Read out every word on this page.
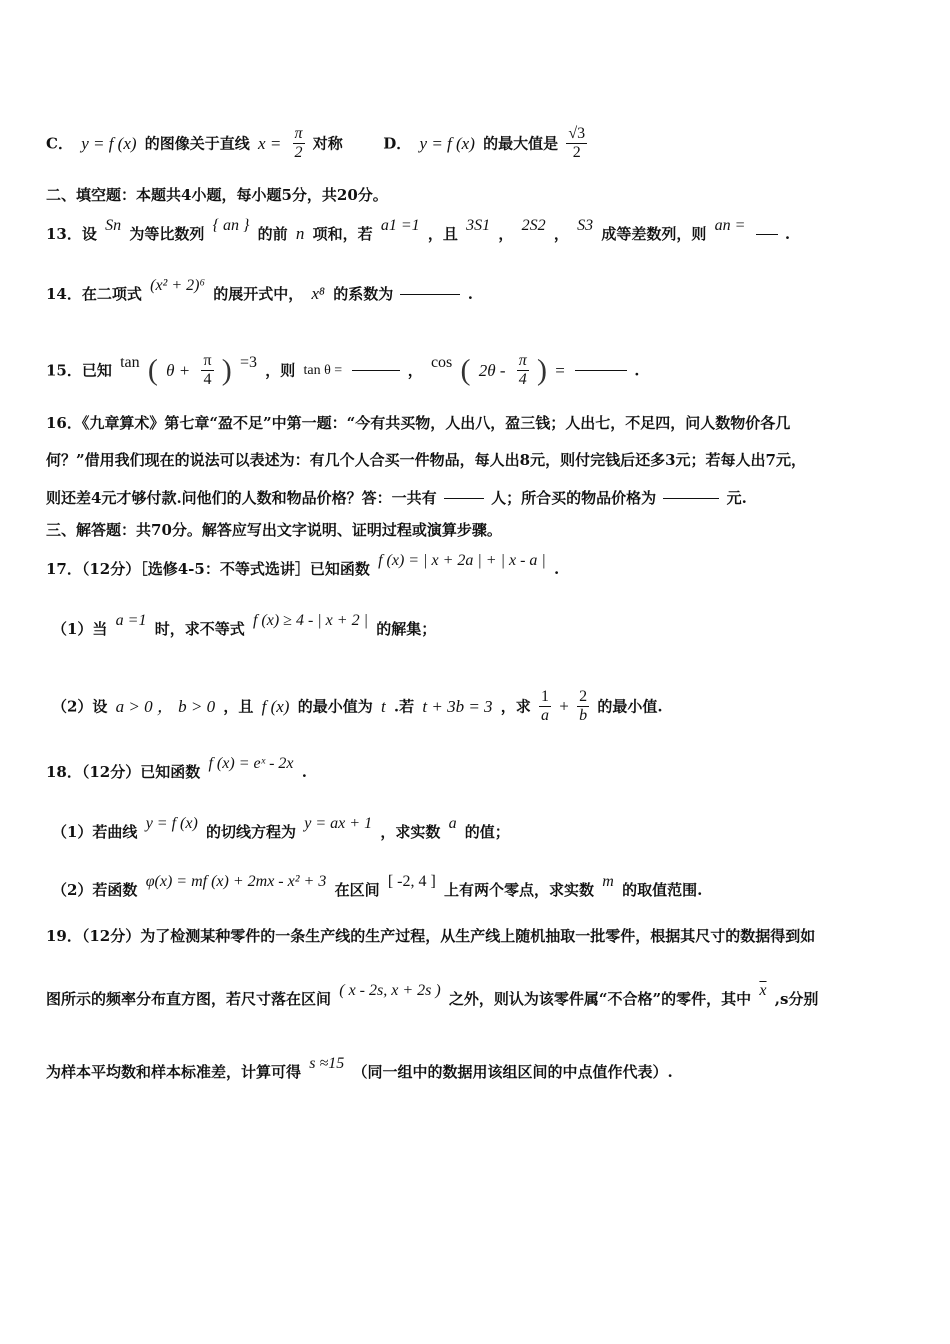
C． y = f (x) 的图像关于直线 $x = \frac{\pi}{2}$ 对称	D． y = f (x) 的最大值是 $\frac{√3}{2}$
二、填空题：本题共4小题，每小题5分，共20分。
13．设 Sn 为等比数列 { an } 的前 n 项和，若 a1 =1 ，且 3S1 ， 2S2 ， S3 成等差数列，则 an =	.
14．在二项式 (x² + 2)⁶ 的展开式中， x⁸ 的系数为	.
15．已知 tan ( $\theta + \frac{\pi}{4}$ ) =3 ，则 tan θ =	， cos ( $2\theta - \frac{\pi}{4}$ ) =	.
16．《九章算术》第七章“盈不足”中第一题：“今有共买物，人出八，盈三钱；人出七，不足四，问人数物价各几
何？”借用我们现在的说法可以表述为：有几个人合买一件物品，每人出8元，则付完钱后还多3元；若每人出7元，
则还差4元才够付款.问他们的人数和物品价格？答：一共有	人；所合买的物品价格为	元.
三、解答题：共70分。解答应写出文字说明、证明过程或演算步骤。
17．（12分）［选修4-5：不等式选讲］已知函数 f (x) = | x + 2a | + | x - a | .
（1）当 a =1 时，求不等式 f (x) ≥ 4 - | x + 2 | 的解集；
（2）设 a > 0 ， b > 0 ，且 f (x) 的最小值为 t .若 t + 3b = 3 ，求 $\frac{1}{a} + \frac{2}{b}$ 的最小值.
18．（12分）已知函数 f (x) = eˣ - 2x .
（1）若曲线 y = f (x) 的切线方程为 y = ax + 1 ，求实数 a 的值；
（2）若函数 φ(x) = mf (x) + 2mx - x² + 3 在区间 [ -2, 4 ] 上有两个零点，求实数 m 的取值范围.
19．（12分）为了检测某种零件的一条生产线的生产过程，从生产线上随机抽取一批零件，根据其尺寸的数据得到如
图所示的频率分布直方图，若尺寸落在区间 ( x - 2s, x + 2s ) 之外，则认为该零件属“不合格”的零件，其中 $\overline{x}$ ,s分别
为样本平均数和样本标准差，计算可得 s ≈15 （同一组中的数据用该组区间的中点值作代表）.
